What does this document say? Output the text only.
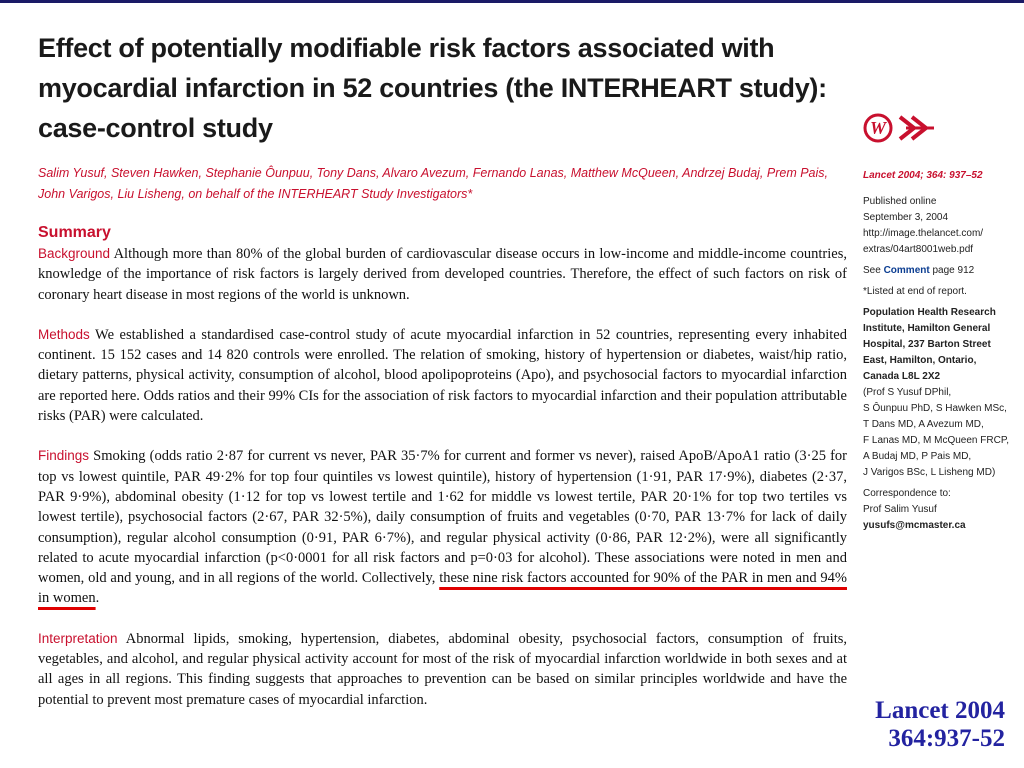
Effect of potentially modifiable risk factors associated with myocardial infarction in 52 countries (the INTERHEART study): case-control study
Salim Yusuf, Steven Hawken, Stephanie Ôunpuu, Tony Dans, Alvaro Avezum, Fernando Lanas, Matthew McQueen, Andrzej Budaj, Prem Pais, John Varigos, Liu Lisheng, on behalf of the INTERHEART Study Investigators*
Summary

Background Although more than 80% of the global burden of cardiovascular disease occurs in low-income and middle-income countries, knowledge of the importance of risk factors is largely derived from developed countries. Therefore, the effect of such factors on risk of coronary heart disease in most regions of the world is unknown.

Methods We established a standardised case-control study of acute myocardial infarction in 52 countries, representing every inhabited continent. 15 152 cases and 14 820 controls were enrolled. The relation of smoking, history of hypertension or diabetes, waist/hip ratio, dietary patterns, physical activity, consumption of alcohol, blood apolipoproteins (Apo), and psychosocial factors to myocardial infarction are reported here. Odds ratios and their 99% CIs for the association of risk factors to myocardial infarction and their population attributable risks (PAR) were calculated.

Findings Smoking (odds ratio 2·87 for current vs never, PAR 35·7% for current and former vs never), raised ApoB/ApoA1 ratio (3·25 for top vs lowest quintile, PAR 49·2% for top four quintiles vs lowest quintile), history of hypertension (1·91, PAR 17·9%), diabetes (2·37, PAR 9·9%), abdominal obesity (1·12 for top vs lowest tertile and 1·62 for middle vs lowest tertile, PAR 20·1% for top two tertiles vs lowest tertile), psychosocial factors (2·67, PAR 32·5%), daily consumption of fruits and vegetables (0·70, PAR 13·7% for lack of daily consumption), regular alcohol consumption (0·91, PAR 6·7%), and regular physical activity (0·86, PAR 12·2%), were all significantly related to acute myocardial infarction (p<0·0001 for all risk factors and p=0·03 for alcohol). These associations were noted in men and women, old and young, and in all regions of the world. Collectively, these nine risk factors accounted for 90% of the PAR in men and 94% in women.

Interpretation Abnormal lipids, smoking, hypertension, diabetes, abdominal obesity, psychosocial factors, consumption of fruits, vegetables, and alcohol, and regular physical activity account for most of the risk of myocardial infarction worldwide in both sexes and at all ages in all regions. This finding suggests that approaches to prevention can be based on similar principles worldwide and have the potential to prevent most premature cases of myocardial infarction.

W

Lancet 2004; 364: 937–52

Published online

September 3, 2004

http://image.thelancet.com/

extras/04art8001web.pdf

See Comment page 912

*Listed at end of report.

Population Health Research

Institute, Hamilton General

Hospital, 237 Barton Street

East, Hamilton, Ontario,

Canada L8L 2X2

(Prof S Yusuf DPhil,

S Ôunpuu PhD, S Hawken MSc,

T Dans MD, A Avezum MD,

F Lanas MD, M McQueen FRCP,

A Budaj MD, P Pais MD,

J Varigos BSc, L Lisheng MD)

Correspondence to:

Prof Salim Yusuf

yusufs@mcmaster.ca

Lancet 2004
364:937-52
